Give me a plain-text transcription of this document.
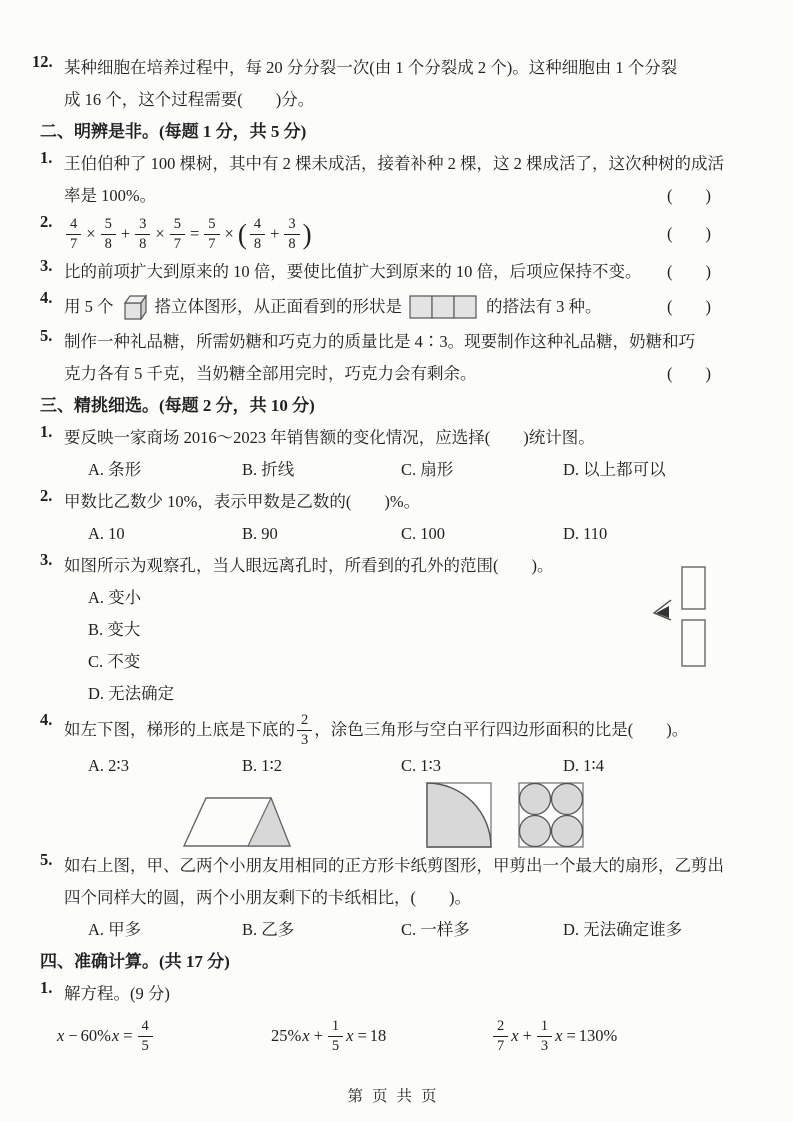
12. 某种细胞在培养过程中，每 20 分分裂一次(由 1 个分裂成 2 个)。这种细胞由 1 个分裂
成 16 个，这个过程需要(　　)分。
二、明辨是非。(每题 1 分，共 5 分)
1. 王伯伯种了 100 棵树，其中有 2 棵未成活，接着补种 2 棵，这 2 棵成活了，这次种树的成活
率是 100%。	(　　)
2. $\frac{4}{7} \times \frac{5}{8} + \frac{3}{8} \times \frac{5}{7} = \frac{5}{7}$ × ( $\frac{4}{8} + \frac{3}{8}$ )	(　　)
3. 比的前项扩大到原来的 10 倍，要使比值扩大到原来的 10 倍，后项应保持不变。 (　　)
4. 用 5 个 搭立体图形，从正面看到的形状是	的搭法有 3 种。	(　　)
5. 制作一种礼品糖，所需奶糖和巧克力的质量比是 4∶3。现要制作这种礼品糖，奶糖和巧
克力各有 5 千克，当奶糖全部用完时，巧克力会有剩余。	(　　)
三、精挑细选。(每题 2 分，共 10 分)
1. 要反映一家商场 2016～2023 年销售额的变化情况，应选择(　　)统计图。
A. 条形	B. 折线	C. 扇形	D. 以上都可以
2. 甲数比乙数少 10%，表示甲数是乙数的(　　)%。
A. 10	B. 90	C. 100	D. 110
3. 如图所示为观察孔，当人眼远离孔时，所看到的孔外的范围(　　)。
A. 变小
B. 变大
C. 不变
D. 无法确定
4.
如左下图，梯形的上底是下底的 $\frac{2}{3}$ ，涂色三角形与空白平行四边形面积的比是(　　)。
A. 2∶3	B. 1∶2	C. 1∶3	D. 1∶4
5. 如右上图，甲、乙两个小朋友用相同的正方形卡纸剪图形，甲剪出一个最大的扇形，乙剪出
四个同样大的圆，两个小朋友剩下的卡纸相比，(　　)。
A. 甲多	B. 乙多	C. 一样多	D. 无法确定谁多
四、准确计算。(共 17 分)
1. 解方程。(9 分)
x − 60% $x = \frac{4}{5}$	25% $x + \frac{1}{5}$ x = 18	$\frac{2}{7}$ $x + \frac{1}{3}$ x = 130%
第页共页
